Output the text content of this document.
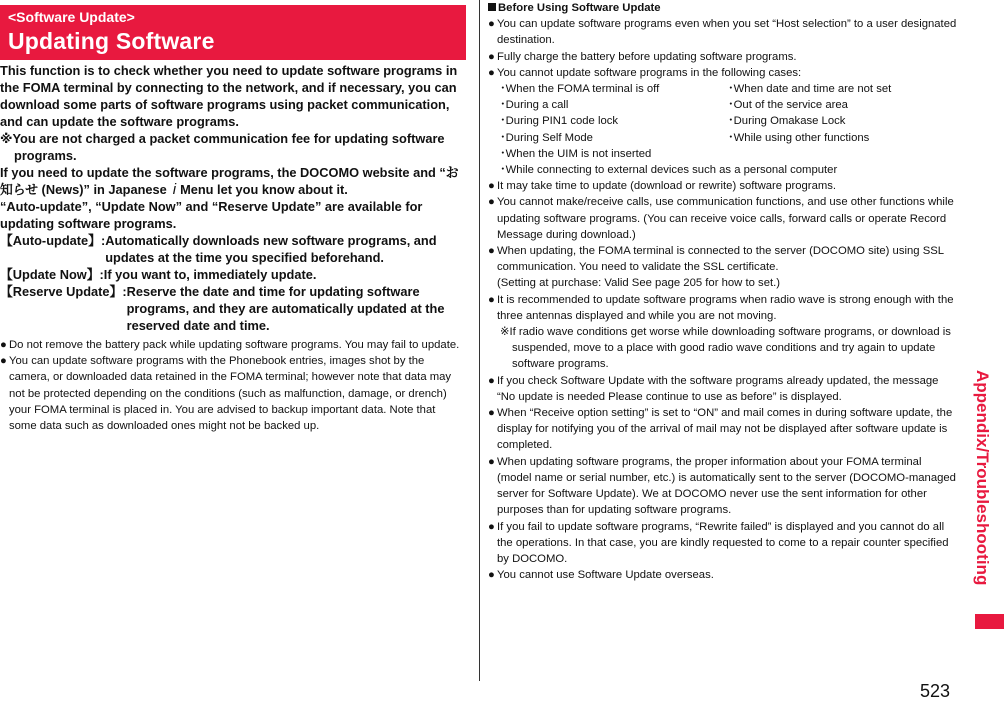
<Software Update>
Updating Software

This function is to check whether you need to update software programs in the FOMA terminal by connecting to the network, and if necessary, you can download some parts of software programs using packet communication, and can update the software programs.

※You are not charged a packet communication fee for updating software programs.

If you need to update the software programs, the DOCOMO website and “お知らせ (News)” in Japanese i Menu let you know about it.

“Auto-update”, “Update Now” and “Reserve Update” are available for updating software programs.

【Auto-update】: Automatically downloads new software programs, and updates at the time you specified beforehand.
【Update Now】: If you want to, immediately update.
【Reserve Update】: Reserve the date and time for updating software programs, and they are automatically updated at the reserved date and time.

● Do not remove the battery pack while updating software programs. You may fail to update.

● You can update software programs with the Phonebook entries, images shot by the camera, or downloaded data retained in the FOMA terminal; however note that data may not be protected depending on the conditions (such as malfunction, damage, or drench) your FOMA terminal is placed in. You are advised to backup important data. Note that some data such as downloaded ones might not be backed up.

Before Using Software Update

● You can update software programs even when you set “Host selection” to a user designated destination.

● Fully charge the battery before updating software programs.

● You cannot update software programs in the following cases:

･When the FOMA terminal is off	･When date and time are not set
･During a call	･Out of the service area
･During PIN1 code lock	･During Omakase Lock
･During Self Mode	･While using other functions
･When the UIM is not inserted
･While connecting to external devices such as a personal computer

● It may take time to update (download or rewrite) software programs.

● You cannot make/receive calls, use communication functions, and use other functions while updating software programs. (You can receive voice calls, forward calls or operate Record Message during download.)

● When updating, the FOMA terminal is connected to the server (DOCOMO site) using SSL communication. You need to validate the SSL certificate.

(Setting at purchase: Valid See page 205 for how to set.)

● It is recommended to update software programs when radio wave is strong enough with the three antennas displayed and while you are not moving.

※If radio wave conditions get worse while downloading software programs, or download is suspended, move to a place with good radio wave conditions and try again to update software programs.

● If you check Software Update with the software programs already updated, the message “No update is needed Please continue to use as before” is displayed.

● When “Receive option setting” is set to “ON” and mail comes in during software update, the display for notifying you of the arrival of mail may not be displayed after software update is completed.

● When updating software programs, the proper information about your FOMA terminal (model name or serial number, etc.) is automatically sent to the server (DOCOMO-managed server for Software Update). We at DOCOMO never use the sent information for other purposes than for updating software programs.

● If you fail to update software programs, “Rewrite failed” is displayed and you cannot do all the operations. In that case, you are kindly requested to come to a repair counter specified by DOCOMO.

● You cannot use Software Update overseas.	Appendix/Troubleshooting
523
